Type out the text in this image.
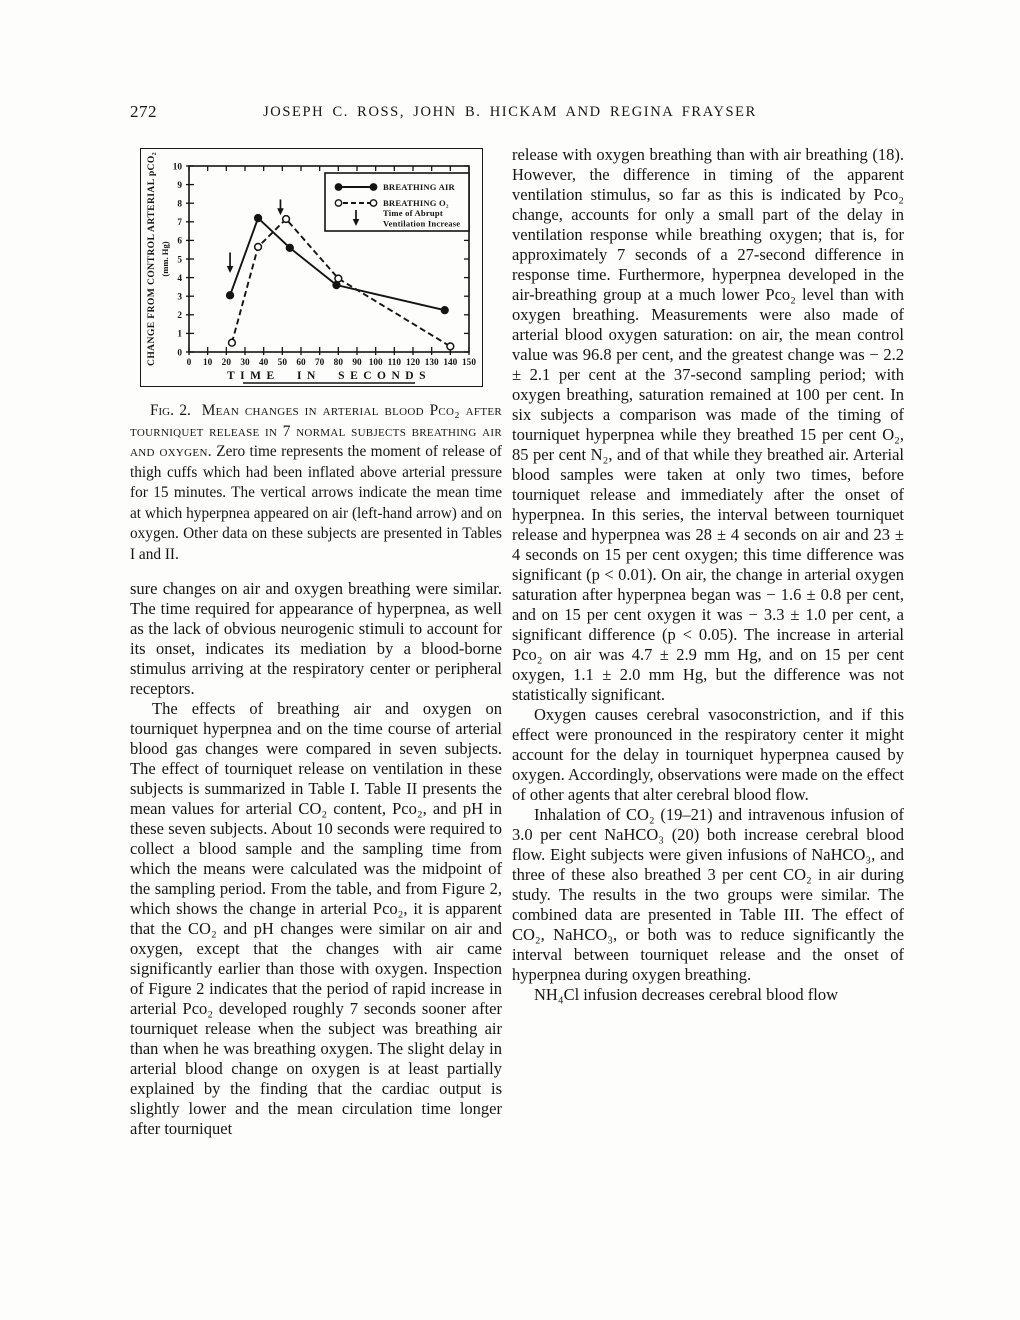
272	JOSEPH C. ROSS, JOHN B. HICKAM AND REGINA FRAYSER
0 10 20 30 40 50 60 70 80 90 100 110 120 130 140 150
TIME IN SECONDS
0
1
2
3
4
5
6
7
8
9
10
CHANGE FROM CONTROL ARTERIAL pCO₂ (mm. Hg)
BREATHING AIR
BREATHING O₂
Time of Abrupt
Ventilation Increase

Fig. 2. Mean changes in arterial blood Pco₂ after tourniquet release in 7 normal subjects breathing air and oxygen. Zero time represents the moment of release of thigh cuffs which had been inflated above arterial pressure for 15 minutes. The vertical arrows indicate the mean time at which hyperpnea appeared on air (left-hand arrow) and on oxygen. Other data on these subjects are presented in Tables I and II.

sure changes on air and oxygen breathing were similar. The time required for appearance of hyperpnea, as well as the lack of obvious neurogenic stimuli to account for its onset, indicates its mediation by a blood-borne stimulus arriving at the respiratory center or peripheral receptors.

The effects of breathing air and oxygen on tourniquet hyperpnea and on the time course of arterial blood gas changes were compared in seven subjects. The effect of tourniquet release on ventilation in these subjects is summarized in Table I. Table II presents the mean values for arterial CO₂ content, Pco₂, and pH in these seven subjects. About 10 seconds were required to collect a blood sample and the sampling time from which the means were calculated was the midpoint of the sampling period. From the table, and from Figure 2, which shows the change in arterial Pco₂, it is apparent that the CO₂ and pH changes were similar on air and oxygen, except that the changes with air came significantly earlier than those with oxygen. Inspection of Figure 2 indicates that the period of rapid increase in arterial Pco₂ developed roughly 7 seconds sooner after tourniquet release when the subject was breathing air than when he was breathing oxygen. The slight delay in arterial blood change on oxygen is at least partially explained by the finding that the cardiac output is slightly lower and the mean circulation time longer after tourniquet

release with oxygen breathing than with air breathing (18). However, the difference in timing of the apparent ventilation stimulus, so far as this is indicated by Pco₂ change, accounts for only a small part of the delay in ventilation response while breathing oxygen; that is, for approximately 7 seconds of a 27-second difference in response time. Furthermore, hyperpnea developed in the air-breathing group at a much lower Pco₂ level than with oxygen breathing. Measurements were also made of arterial blood oxygen saturation: on air, the mean control value was 96.8 per cent, and the greatest change was − 2.2 ± 2.1 per cent at the 37-second sampling period; with oxygen breathing, saturation remained at 100 per cent. In six subjects a comparison was made of the timing of tourniquet hyperpnea while they breathed 15 per cent O₂, 85 per cent N₂, and of that while they breathed air. Arterial blood samples were taken at only two times, before tourniquet release and immediately after the onset of hyperpnea. In this series, the interval between tourniquet release and hyperpnea was 28 ± 4 seconds on air and 23 ± 4 seconds on 15 per cent oxygen; this time difference was significant (p < 0.01). On air, the change in arterial oxygen saturation after hyperpnea began was − 1.6 ± 0.8 per cent, and on 15 per cent oxygen it was − 3.3 ± 1.0 per cent, a significant difference (p < 0.05). The increase in arterial Pco₂ on air was 4.7 ± 2.9 mm Hg, and on 15 per cent oxygen, 1.1 ± 2.0 mm Hg, but the difference was not statistically significant.

Oxygen causes cerebral vasoconstriction, and if this effect were pronounced in the respiratory center it might account for the delay in tourniquet hyperpnea caused by oxygen. Accordingly, observations were made on the effect of other agents that alter cerebral blood flow.

Inhalation of CO₂ (19–21) and intravenous infusion of 3.0 per cent NaHCO₃ (20) both increase cerebral blood flow. Eight subjects were given infusions of NaHCO₃, and three of these also breathed 3 per cent CO₂ in air during study. The results in the two groups were similar. The combined data are presented in Table III. The effect of CO₂, NaHCO₃, or both was to reduce significantly the interval between tourniquet release and the onset of hyperpnea during oxygen breathing.

NH₄Cl infusion decreases cerebral blood flow
